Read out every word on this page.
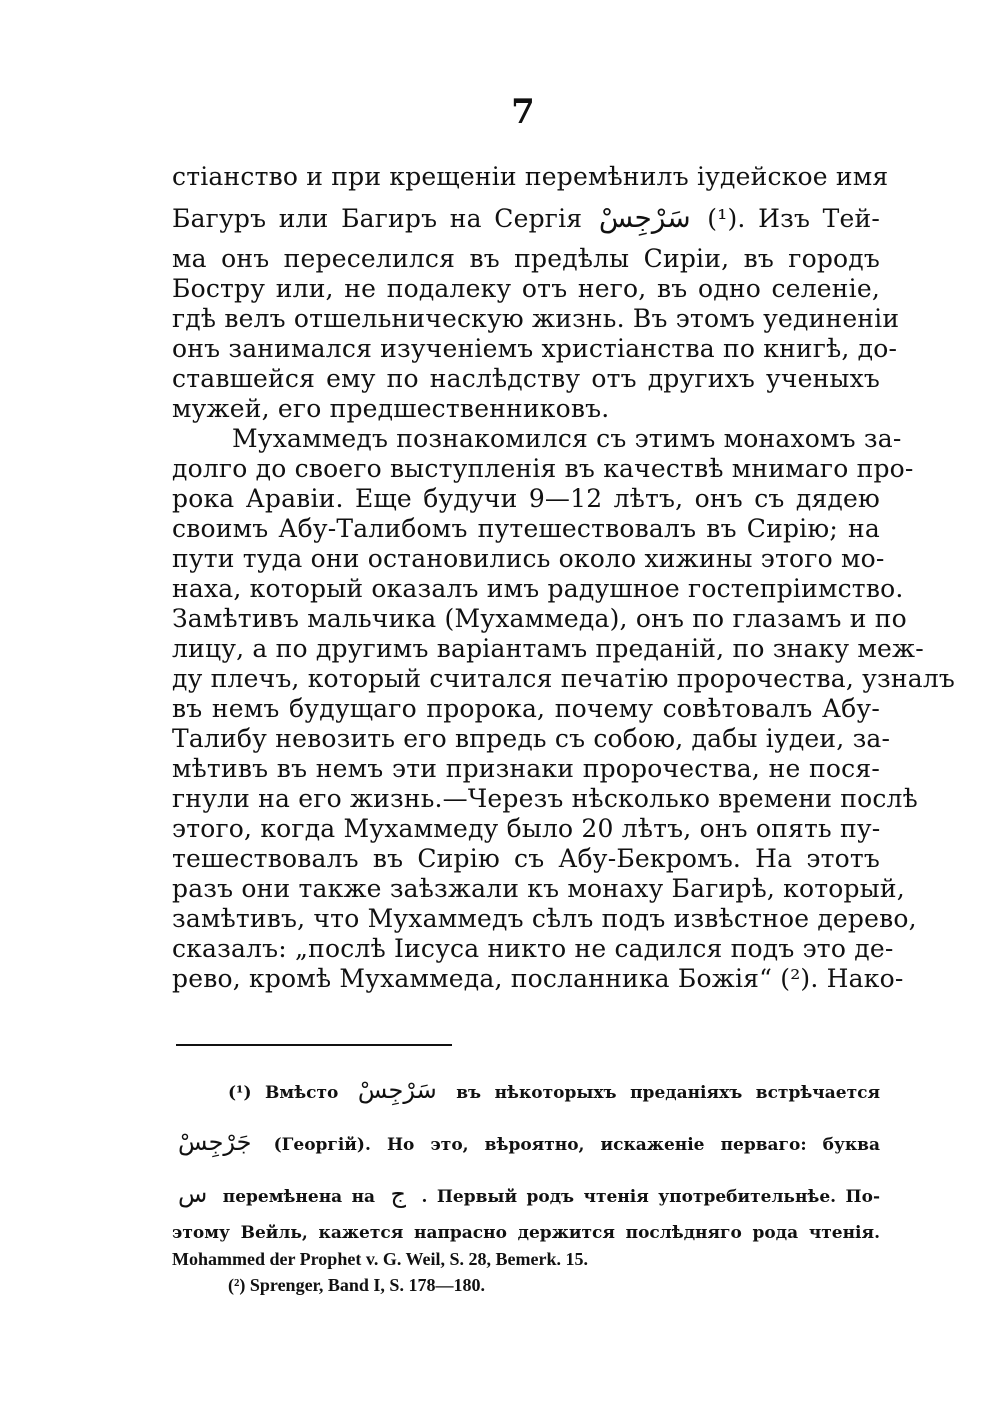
7
стіанство и при крещеніи перемѣнилъ іудейское имя
Багуръ или Багиръ на Сергія سَرْجِسْ (¹). Изъ Тей-
ма онъ переселился въ предѣлы Сиріи, въ городъ
Бостру или, не подалеку отъ него, въ одно селеніе,
гдѣ велъ отшельническую жизнь. Въ этомъ уединеніи
онъ занимался изученіемъ христіанства по книгѣ, до-
ставшейся ему по наслѣдству отъ другихъ ученыхъ
мужей, его предшественниковъ.
Мухаммедъ познакомился съ этимъ монахомъ за-
долго до своего выступленія въ качествѣ мнимаго про-
рока Аравіи. Еще будучи 9—12 лѣтъ, онъ съ дядею
своимъ Абу-Талибомъ путешествовалъ въ Сирію; на
пути туда они остановились около хижины этого мо-
наха, который оказалъ имъ радушное гостепріимство.
Замѣтивъ мальчика (Мухаммеда), онъ по глазамъ и по
лицу, а по другимъ варіантамъ преданій, по знаку меж-
ду плечъ, который считался печатію пророчества, узналъ
въ немъ будущаго пророка, почему совѣтовалъ Абу-
Талибу невозить его впредь съ собою, дабы іудеи, за-
мѣтивъ въ немъ эти признаки пророчества, не пося-
гнули на его жизнь.—Черезъ нѣсколько времени послѣ
этого, когда Мухаммеду было 20 лѣтъ, онъ опять пу-
тешествовалъ въ Сирію съ Абу-Бекромъ. На этотъ
разъ они также заѣзжали къ монаху Багирѣ, который,
замѣтивъ, что Мухаммедъ сѣлъ подъ извѣстное дерево,
сказалъ: „послѣ Іисуса никто не садился подъ это де-
рево, кромѣ Мухаммеда, посланника Божія“ (²). Нако-
(¹) Вмѣсто سَرْجِسْ въ нѣкоторыхъ преданіяхъ встрѣчается
جَرْجِسْ (Георгій). Но это, вѣроятно, искаженіе перваго: буква
س перемѣнена на ج . Первый родъ чтенія употребительнѣе. По-
этому Вейль, кажется напрасно держится послѣдняго рода чтенія.
Mohammed der Prophet v. G. Weil, S. 28, Bemerk. 15.
(²) Sprenger, Band I, S. 178—180.
